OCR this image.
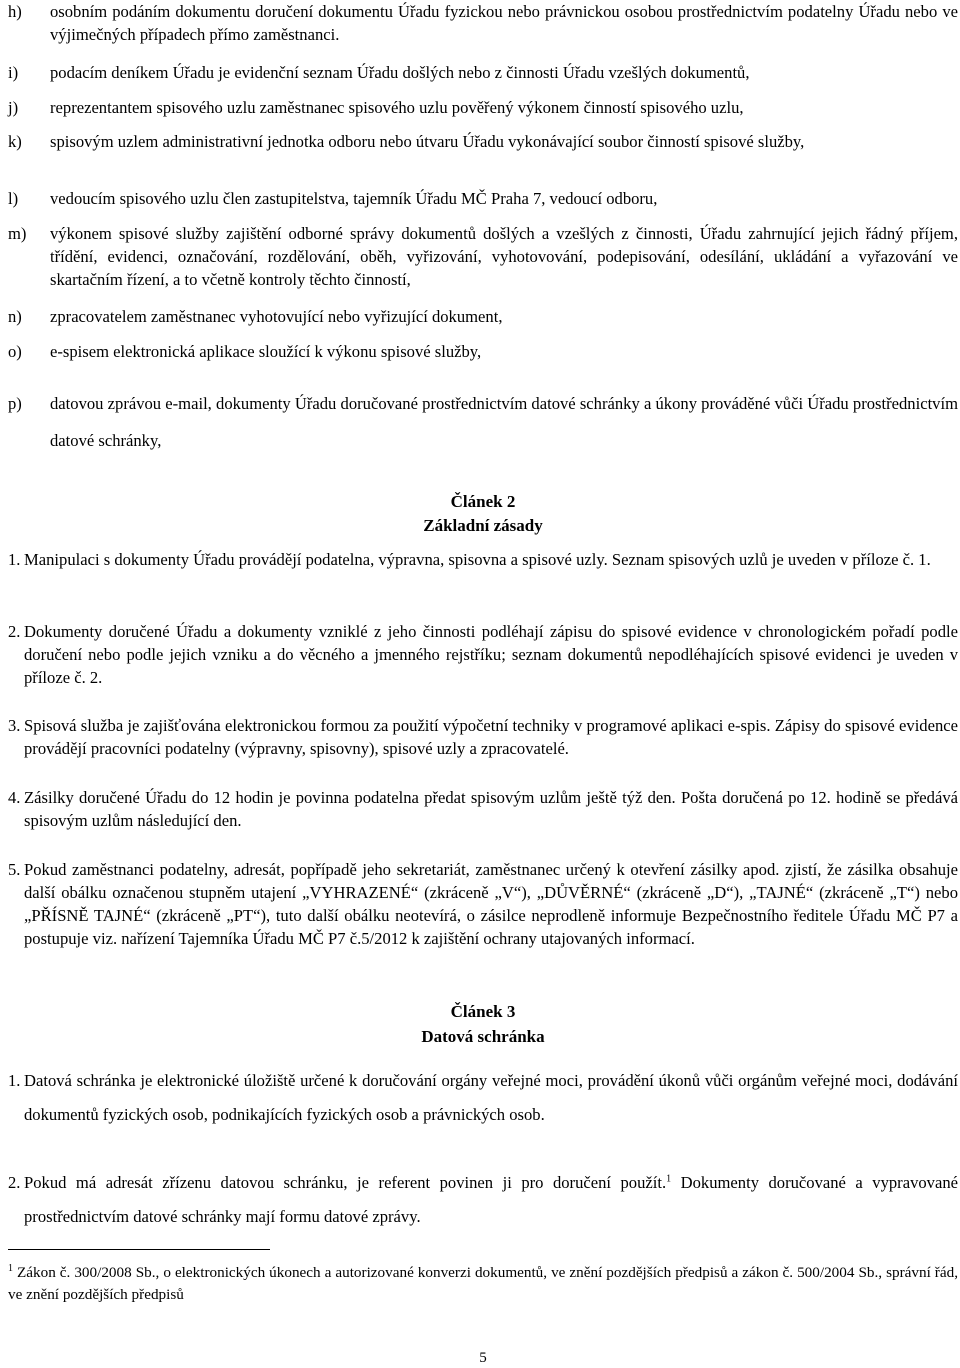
h) osobním podáním dokumentu doručení dokumentu Úřadu fyzickou nebo právnickou osobou prostřednictvím podatelny Úřadu nebo ve výjimečných případech přímo zaměstnanci.
i) podacím deníkem Úřadu je evidenční seznam Úřadu došlých nebo z činnosti Úřadu vzešlých dokumentů,
j) reprezentantem spisového uzlu zaměstnanec spisového uzlu pověřený výkonem činností spisového uzlu,
k) spisovým uzlem administrativní jednotka odboru nebo útvaru Úřadu vykonávající soubor činností spisové služby,
l) vedoucím spisového uzlu člen zastupitelstva, tajemník Úřadu MČ Praha 7, vedoucí odboru,
m) výkonem spisové služby zajištění odborné správy dokumentů došlých a vzešlých z činnosti, Úřadu zahrnující jejich řádný příjem, třídění, evidenci, označování, rozdělování, oběh, vyřizování, vyhotovování, podepisování, odesílání, ukládání a vyřazování ve skartačním řízení, a to včetně kontroly těchto činností,
n) zpracovatelem zaměstnanec vyhotovující nebo vyřizující dokument,
o) e-spisem elektronická aplikace sloužící k výkonu spisové služby,
p) datovou zprávou e-mail, dokumenty Úřadu doručované prostřednictvím datové schránky a úkony prováděné vůči Úřadu prostřednictvím datové schránky,
Článek 2
Základní zásady
1. Manipulaci s dokumenty Úřadu provádějí podatelna, výpravna, spisovna a spisové uzly. Seznam spisových uzlů je uveden v příloze č. 1.
2. Dokumenty doručené Úřadu a dokumenty vzniklé z jeho činnosti podléhají zápisu do spisové evidence v chronologickém pořadí podle doručení nebo podle jejich vzniku a do věcného a jmenného rejstříku; seznam dokumentů nepodléhajících spisové evidenci je uveden v příloze č. 2.
3. Spisová služba je zajišťována elektronickou formou za použití výpočetní techniky v programové aplikaci e-spis. Zápisy do spisové evidence provádějí pracovníci podatelny (výpravny, spisovny), spisové uzly a zpracovatelé.
4. Zásilky doručené Úřadu do 12 hodin je povinna podatelna předat spisovým uzlům ještě týž den. Pošta doručená po 12. hodině se předává spisovým uzlům následující den.
5. Pokud zaměstnanci podatelny, adresát, popřípadě jeho sekretariát, zaměstnanec určený k otevření zásilky apod. zjistí, že zásilka obsahuje další obálku označenou stupněm utajení „VYHRAZENÉ“ (zkráceně „V“), „DŮVĚRNÉ“ (zkráceně „D“), „TAJNÉ“ (zkráceně „T“) nebo „PŘÍSNĚ TAJNÉ“ (zkráceně „PT“), tuto další obálku neotevírá, o zásilce neprodleně informuje Bezpečnostního ředitele Úřadu MČ P7 a postupuje viz. nařízení Tajemníka Úřadu MČ P7 č.5/2012 k zajištění ochrany utajovaných informací.
Článek 3
Datová schránka
1. Datová schránka je elektronické úložiště určené k doručování orgány veřejné moci, provádění úkonů vůči orgánům veřejné moci, dodávání dokumentů fyzických osob, podnikajících fyzických osob a právnických osob.
2. Pokud má adresát zřízenu datovou schránku, je referent povinen ji pro doručení použít.$^1$ Dokumenty doručované a vypravované prostřednictvím datové schránky mají formu datové zprávy.
$^1$ Zákon č. 300/2008 Sb., o elektronických úkonech a autorizované konverzi dokumentů, ve znění pozdějších předpisů a zákon č. 500/2004 Sb., správní řád, ve znění pozdějších předpisů
5
